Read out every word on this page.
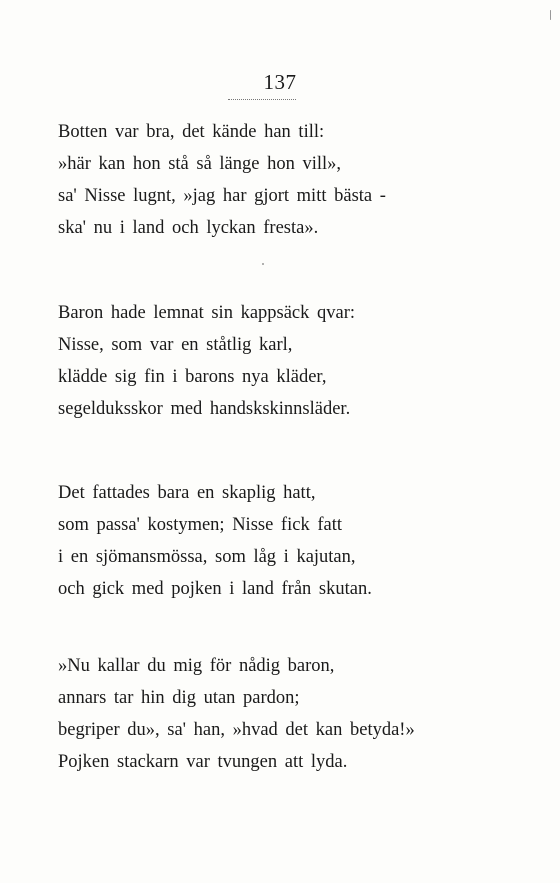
137
Botten var bra, det kände han till:
»här kan hon stå så länge hon vill»,
sa' Nisse lugnt, »jag har gjort mitt bästa -
ska' nu i land och lyckan fresta».
Baron hade lemnat sin kappsäck qvar:
Nisse, som var en ståtlig karl,
klädde sig fin i barons nya kläder,
segelduksskor med handskskinnsläder.
Det fattades bara en skaplig hatt,
som passa' kostymen; Nisse fick fatt
i en sjömansmössa, som låg i kajutan,
och gick med pojken i land från skutan.
»Nu kallar du mig för nådig baron,
annars tar hin dig utan pardon;
begriper du», sa' han, »hvad det kan betyda!»
Pojken stackarn var tvungen att lyda.
